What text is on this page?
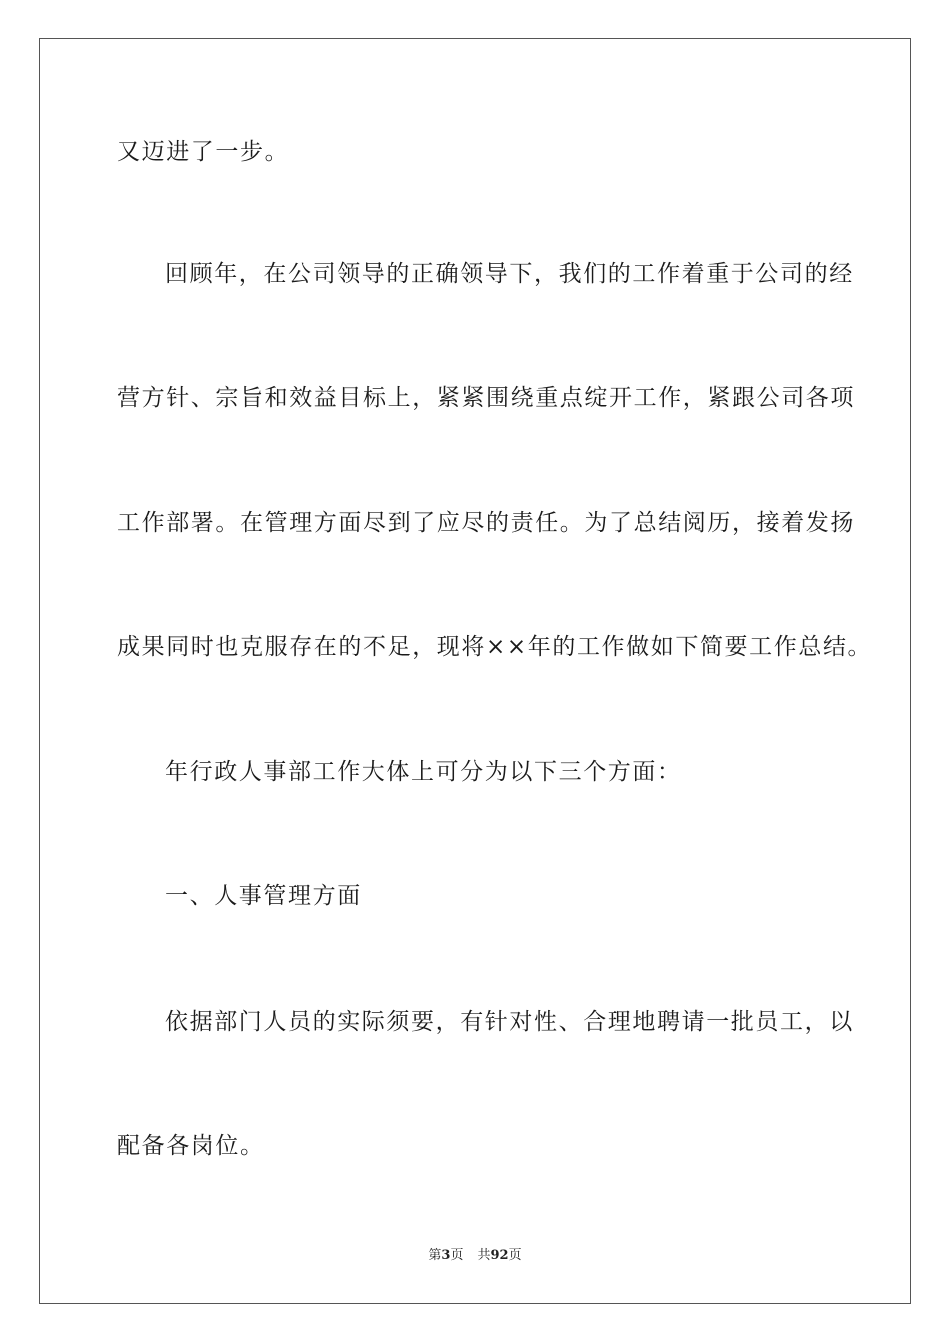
又迈进了一步。
回顾年，在公司领导的正确领导下，我们的工作着重于公司的经
营方针、宗旨和效益目标上，紧紧围绕重点绽开工作，紧跟公司各项
工作部署。在管理方面尽到了应尽的责任。为了总结阅历，接着发扬
成果同时也克服存在的不足，现将××年的工作做如下简要工作总结。
年行政人事部工作大体上可分为以下三个方面：
一、人事管理方面
依据部门人员的实际须要，有针对性、合理地聘请一批员工，以
配备各岗位。
第3页 共92页
